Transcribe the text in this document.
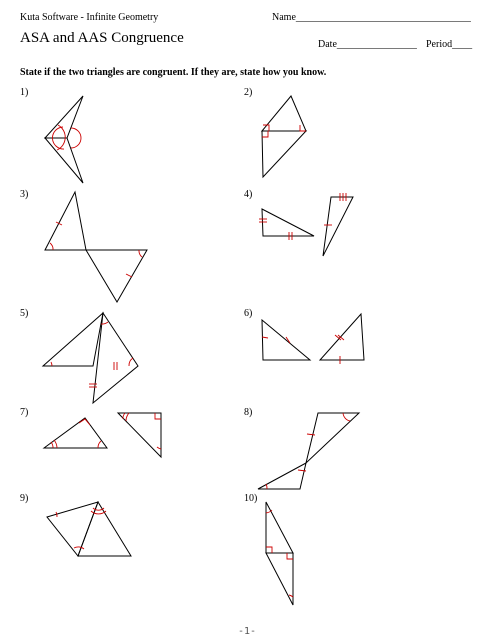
Kuta Software - Infinite Geometry	Name___________________________________
ASA and AAS Congruence	Date________________ Period____
State if the two triangles are congruent. If they are, state how you know.
1)	2)
3)	4)
5)	6)
7)	8)
9)	10)
-1-
